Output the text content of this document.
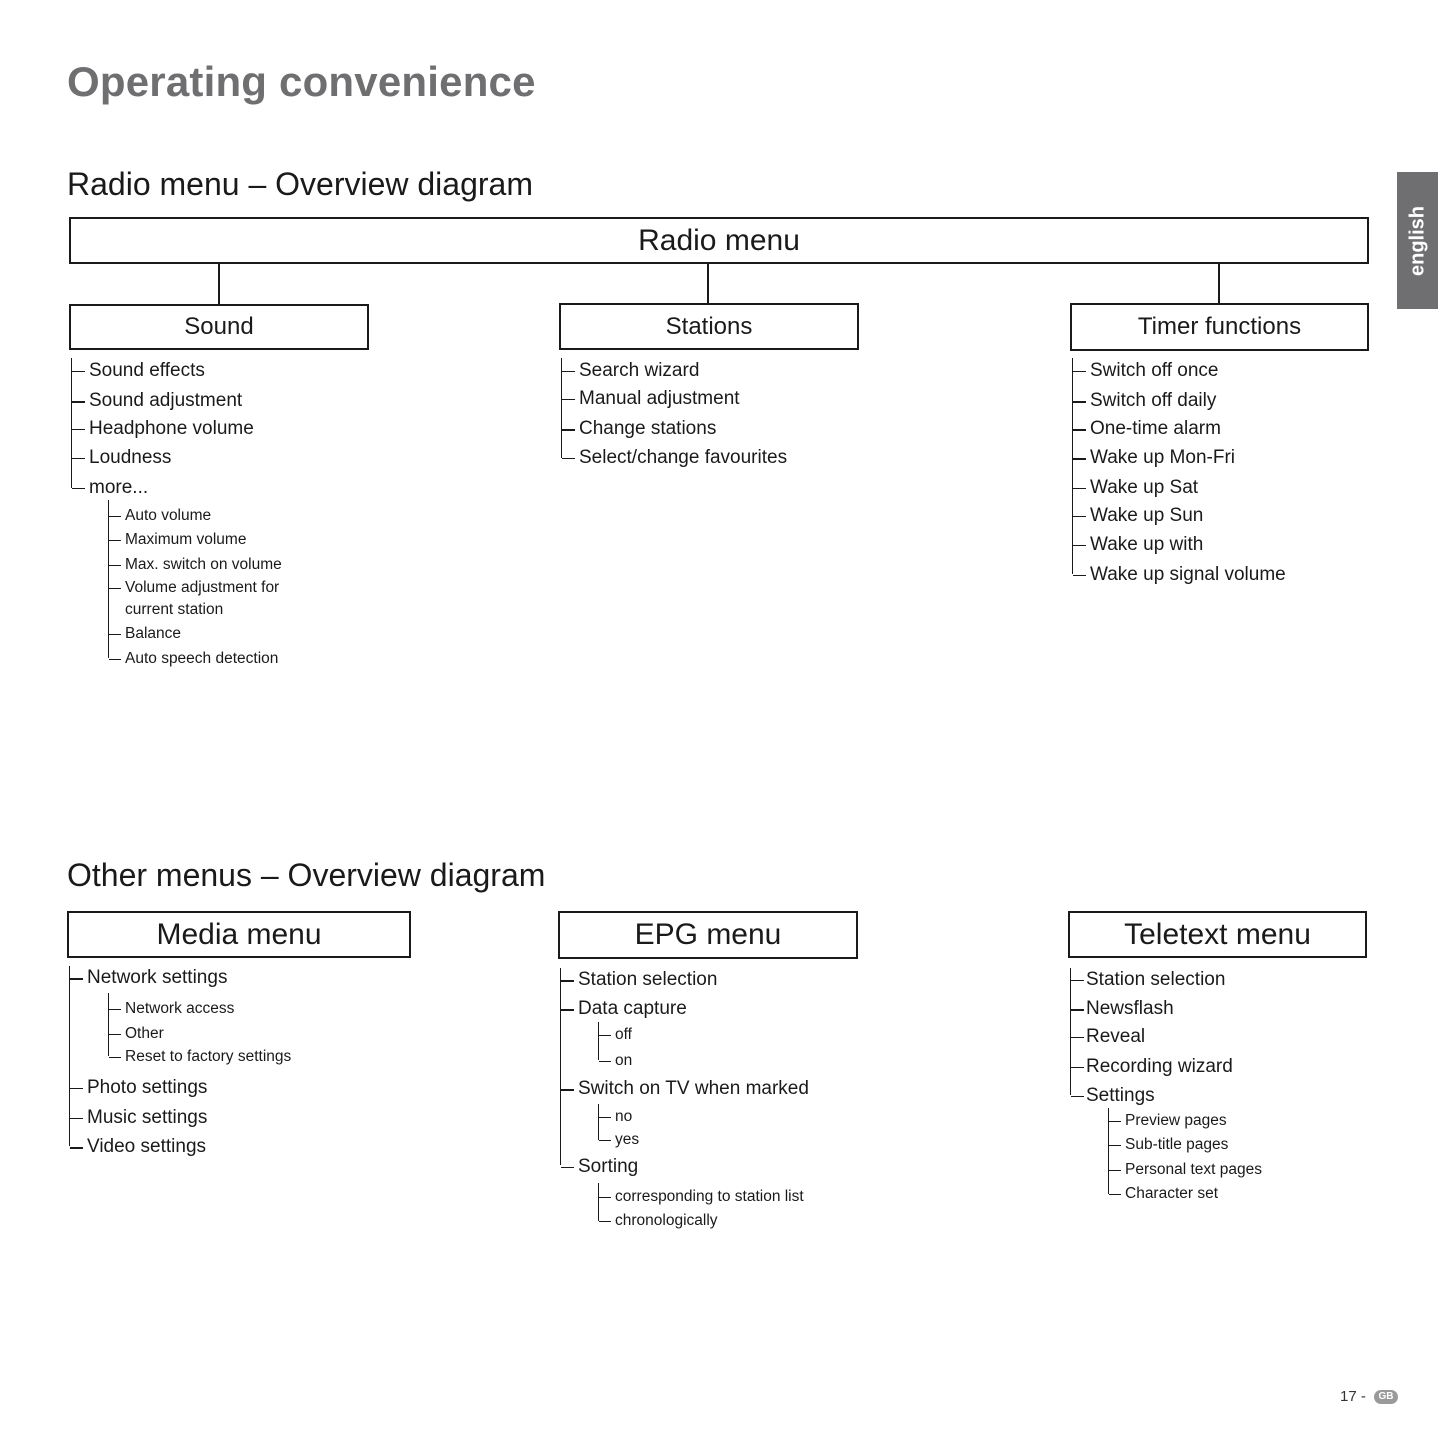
Operating convenience
english
Radio menu – Overview diagram
Radio menu
Sound
Sound effects
Sound adjustment
Headphone volume
Loudness
more...
Auto volume
Maximum volume
Max. switch on volume
Volume adjustment for
current station
Balance
Auto speech detection
Stations
Search wizard
Manual adjustment
Change stations
Select/change favourites
Timer functions
Switch off once
Switch off daily
One-time alarm
Wake up Mon-Fri
Wake up Sat
Wake up Sun
Wake up with
Wake up signal volume
Other menus – Overview diagram
Media menu
Network settings
Photo settings
Music settings
Video settings
Network access
Other
Reset to factory settings
EPG menu
Station selection
Data capture
Switch on TV when marked
Sorting
off
on
no
yes
corresponding to station list
chronologically
Teletext menu
Station selection
Newsflash
Reveal
Recording wizard
Settings
Preview pages
Sub-title pages
Personal text pages
Character set
17 -	GB
